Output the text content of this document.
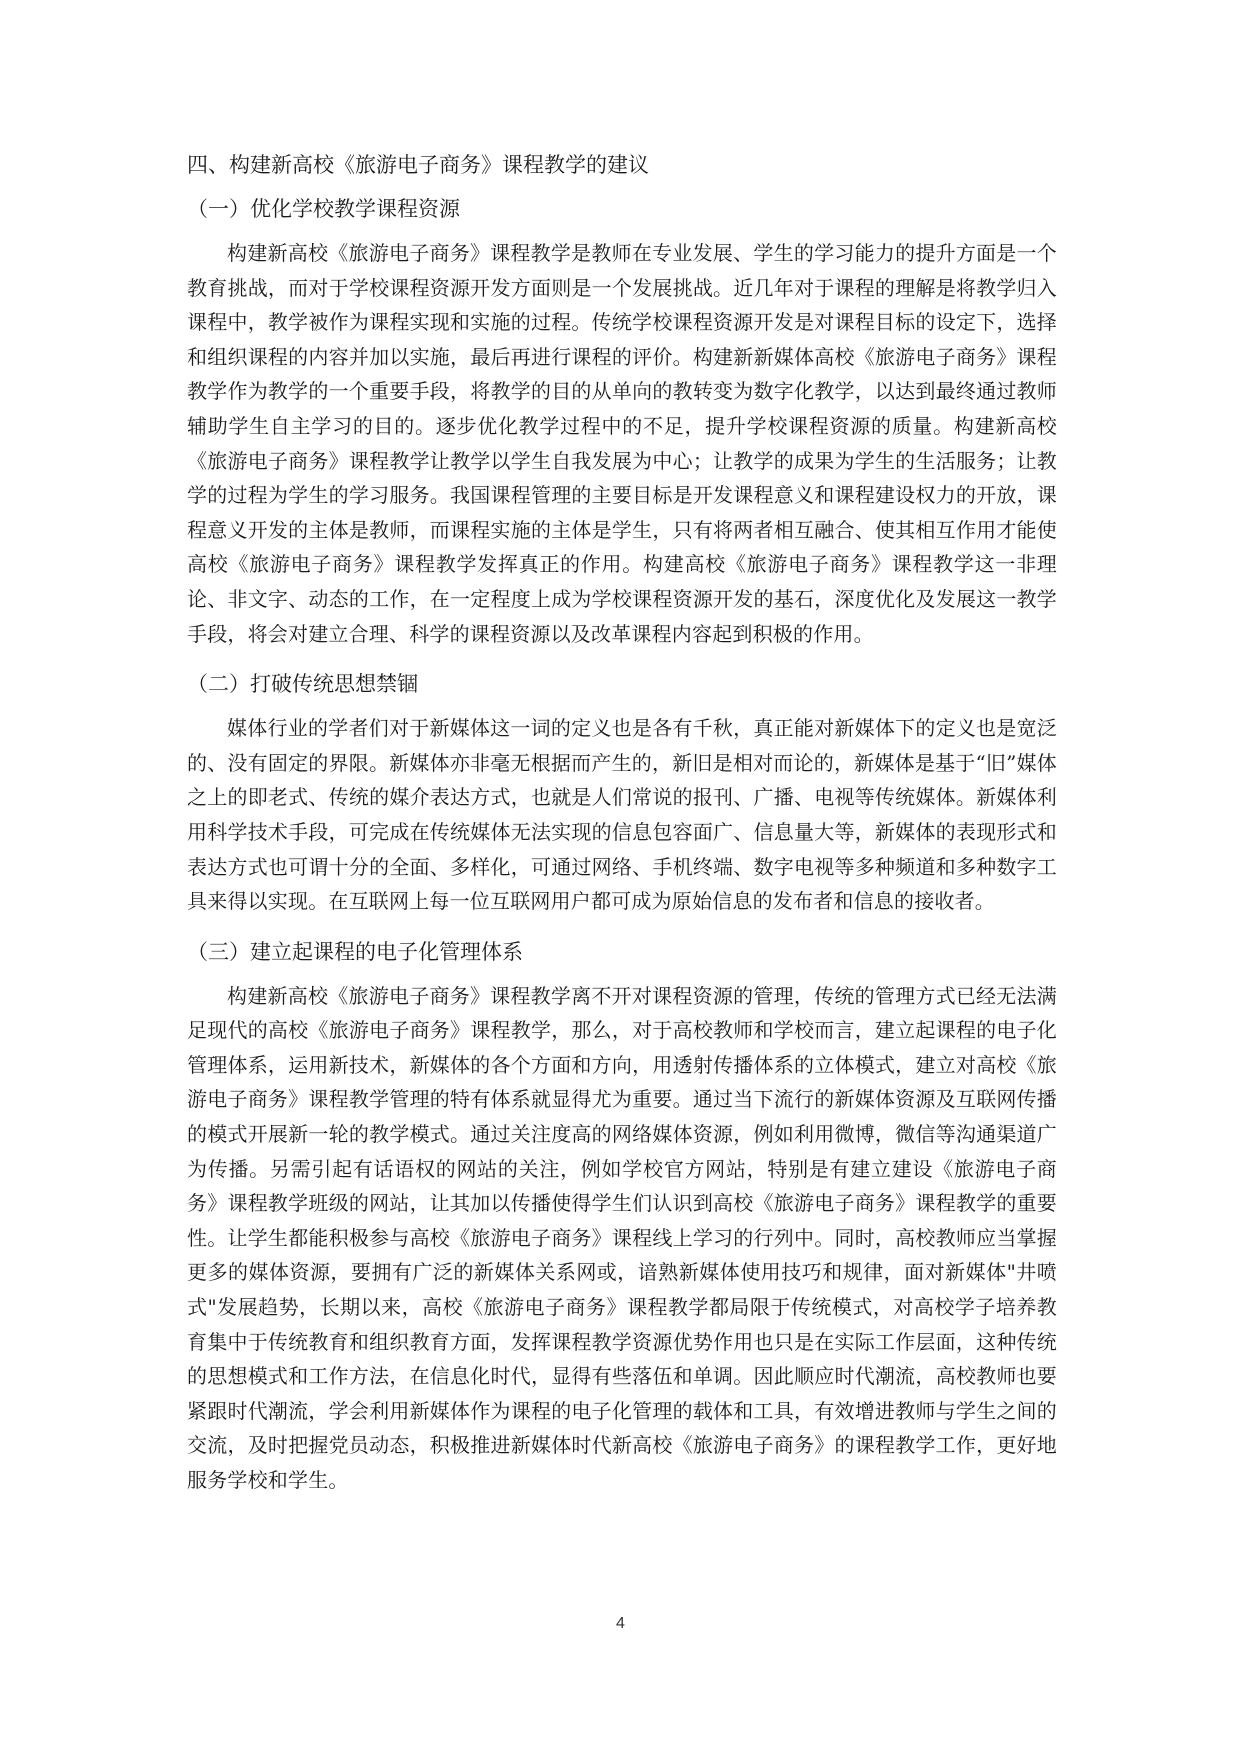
四、构建新高校《旅游电子商务》课程教学的建议
（一）优化学校教学课程资源

构建新高校《旅游电子商务》课程教学是教师在专业发展、学生的学习能力的提升方面是一个教育挑战，而对于学校课程资源开发方面则是一个发展挑战。近几年对于课程的理解是将教学归入课程中，教学被作为课程实现和实施的过程。传统学校课程资源开发是对课程目标的设定下，选择和组织课程的内容并加以实施，最后再进行课程的评价。构建新新媒体高校《旅游电子商务》课程教学作为教学的一个重要手段，将教学的目的从单向的教转变为数字化教学，以达到最终通过教师辅助学生自主学习的目的。逐步优化教学过程中的不足，提升学校课程资源的质量。构建新高校《旅游电子商务》课程教学让教学以学生自我发展为中心；让教学的成果为学生的生活服务；让教学的过程为学生的学习服务。我国课程管理的主要目标是开发课程意义和课程建设权力的开放，课程意义开发的主体是教师，而课程实施的主体是学生，只有将两者相互融合、使其相互作用才能使高校《旅游电子商务》课程教学发挥真正的作用。构建高校《旅游电子商务》课程教学这一非理论、非文字、动态的工作，在一定程度上成为学校课程资源开发的基石，深度优化及发展这一教学手段，将会对建立合理、科学的课程资源以及改革课程内容起到积极的作用。

（二）打破传统思想禁锢

媒体行业的学者们对于新媒体这一词的定义也是各有千秋，真正能对新媒体下的定义也是宽泛的、没有固定的界限。新媒体亦非毫无根据而产生的，新旧是相对而论的，新媒体是基于“旧”媒体之上的即老式、传统的媒介表达方式，也就是人们常说的报刊、广播、电视等传统媒体。新媒体利用科学技术手段，可完成在传统媒体无法实现的信息包容面广、信息量大等，新媒体的表现形式和表达方式也可谓十分的全面、多样化，可通过网络、手机终端、数字电视等多种频道和多种数字工具来得以实现。在互联网上每一位互联网用户都可成为原始信息的发布者和信息的接收者。

（三）建立起课程的电子化管理体系

构建新高校《旅游电子商务》课程教学离不开对课程资源的管理，传统的管理方式已经无法满足现代的高校《旅游电子商务》课程教学，那么，对于高校教师和学校而言，建立起课程的电子化管理体系，运用新技术，新媒体的各个方面和方向，用透射传播体系的立体模式，建立对高校《旅游电子商务》课程教学管理的特有体系就显得尤为重要。通过当下流行的新媒体资源及互联网传播的模式开展新一轮的教学模式。通过关注度高的网络媒体资源，例如利用微博，微信等沟通渠道广为传播。另需引起有话语权的网站的关注，例如学校官方网站，特别是有建立建设《旅游电子商务》课程教学班级的网站，让其加以传播使得学生们认识到高校《旅游电子商务》课程教学的重要性。让学生都能积极参与高校《旅游电子商务》课程线上学习的行列中。同时，高校教师应当掌握更多的媒体资源，要拥有广泛的新媒体关系网或，谙熟新媒体使用技巧和规律，面对新媒体"井喷式"发展趋势，长期以来，高校《旅游电子商务》课程教学都局限于传统模式，对高校学子培养教育集中于传统教育和组织教育方面，发挥课程教学资源优势作用也只是在实际工作层面，这种传统的思想模式和工作方法，在信息化时代，显得有些落伍和单调。因此顺应时代潮流，高校教师也要紧跟时代潮流，学会利用新媒体作为课程的电子化管理的载体和工具，有效增进教师与学生之间的交流，及时把握党员动态，积极推进新媒体时代新高校《旅游电子商务》的课程教学工作，更好地服务学校和学生。

4
